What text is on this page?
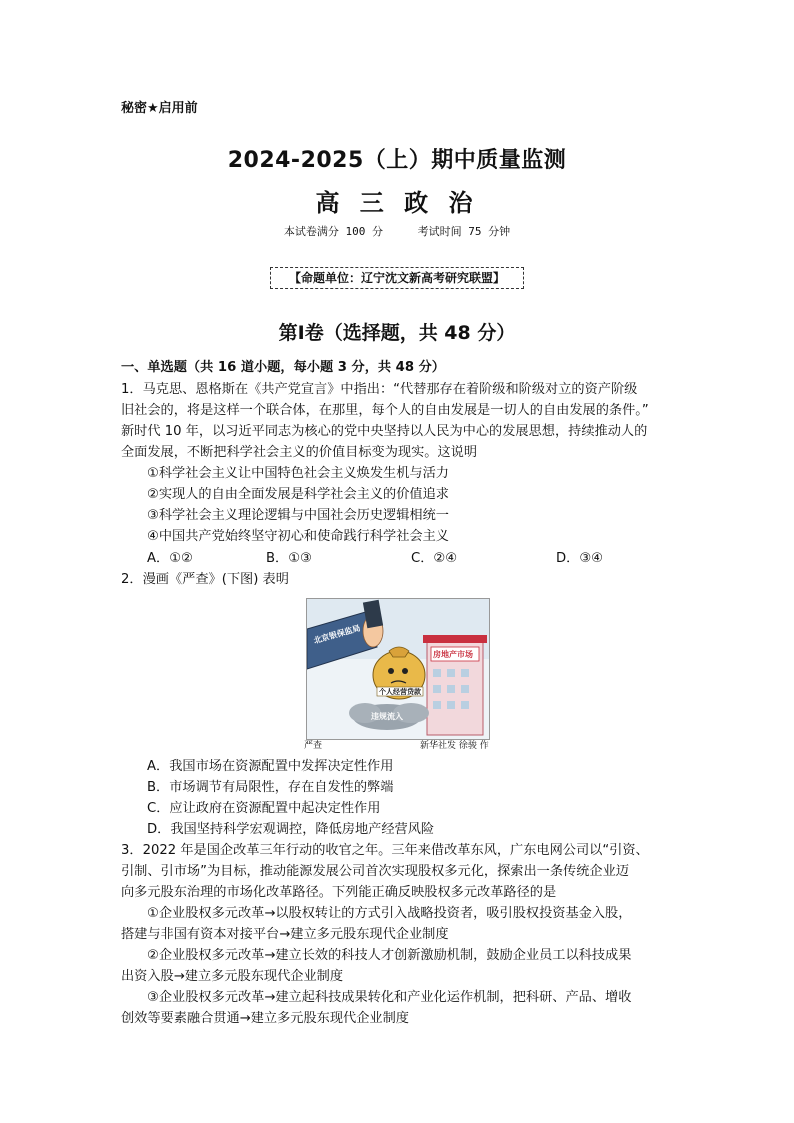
秘密★启用前
2024-2025（上）期中质量监测
高 三 政 治
本试卷满分 100 分	考试时间 75 分钟
【命题单位：辽宁沈文新高考研究联盟】
第Ⅰ卷（选择题，共 48 分）
一、单选题（共 16 道小题，每小题 3 分，共 48 分）
1．马克思、恩格斯在《共产党宣言》中指出：“代替那存在着阶级和阶级对立的资产阶级
旧社会的，将是这样一个联合体，在那里，每个人的自由发展是一切人的自由发展的条件。”
新时代 10 年，以习近平同志为核心的党中央坚持以人民为中心的发展思想，持续推动人的
全面发展，不断把科学社会主义的价值目标变为现实。这说明
①科学社会主义让中国特色社会主义焕发生机与活力
②实现人的自由全面发展是科学社会主义的价值追求
③科学社会主义理论逻辑与中国社会历史逻辑相统一
④中国共产党始终坚守初心和使命践行科学社会主义
A．①②	B．①③	C．②④	D．③④
2．漫画《严查》(下图) 表明
北京银保监局
房地产市场
个人经营贷款
违规流入
严查	新华社发 徐骏 作
A．我国市场在资源配置中发挥决定性作用
B．市场调节有局限性，存在自发性的弊端
C．应让政府在资源配置中起决定性作用
D．我国坚持科学宏观调控，降低房地产经营风险
3．2022 年是国企改革三年行动的收官之年。三年来借改革东风，广东电网公司以“引资、
引制、引市场”为目标，推动能源发展公司首次实现股权多元化，探索出一条传统企业迈
向多元股东治理的市场化改革路径。下列能正确反映股权多元改革路径的是
①企业股权多元改革→以股权转让的方式引入战略投资者，吸引股权投资基金入股，
搭建与非国有资本对接平台→建立多元股东现代企业制度
②企业股权多元改革→建立长效的科技人才创新激励机制，鼓励企业员工以科技成果
出资入股→建立多元股东现代企业制度
③企业股权多元改革→建立起科技成果转化和产业化运作机制，把科研、产品、增收
创效等要素融合贯通→建立多元股东现代企业制度
